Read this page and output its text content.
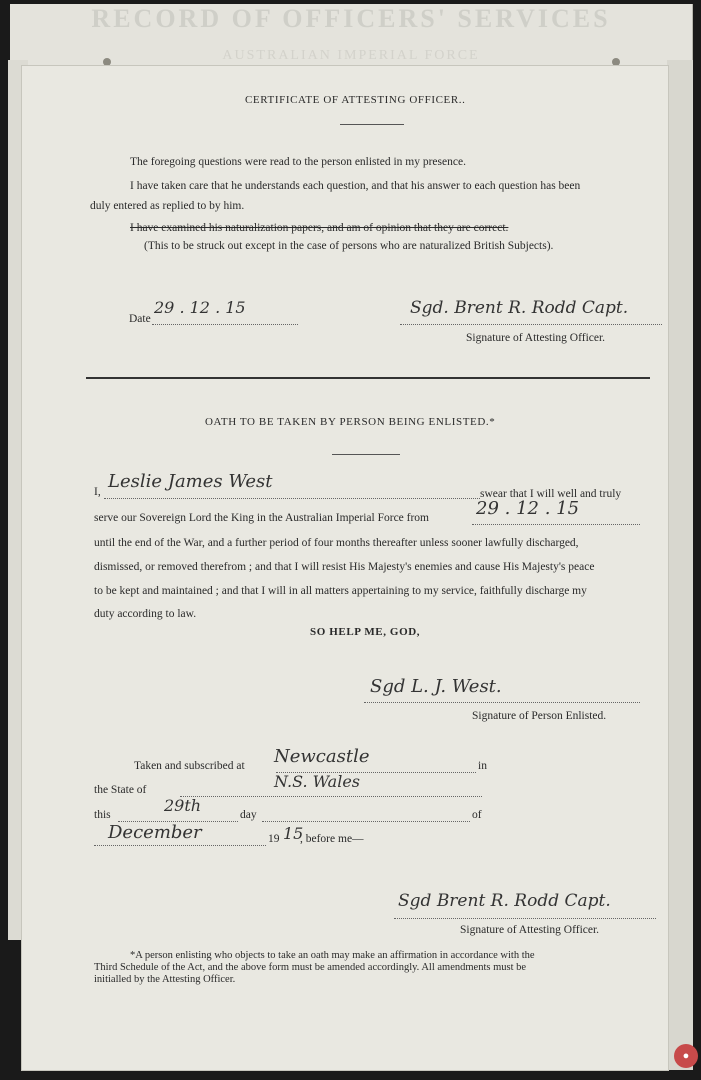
RECORD OF OFFICERS' SERVICES
AUSTRALIAN IMPERIAL FORCE
CERTIFICATE OF ATTESTING OFFICER..
The foregoing questions were read to the person enlisted in my presence.
I have taken care that he understands each question, and that his answer to each question has been
duly entered as replied to by him.
I have examined his naturalization papers, and am of opinion that they are correct.
(This to be struck out except in the case of persons who are naturalized British Subjects).
Date
29 . 12 . 15	Sgd. Brent R. Rodd Capt.
Signature of Attesting Officer.
OATH TO BE TAKEN BY PERSON BEING ENLISTED.*
I, Leslie James West
swear that I will well and truly
serve our Sovereign Lord the King in the Australian Imperial Force from	29 . 12 . 15
until the end of the War, and a further period of four months thereafter unless sooner lawfully discharged,
dismissed, or removed therefrom ; and that I will resist His Majesty's enemies and cause His Majesty's peace
to be kept and maintained ; and that I will in all matters appertaining to my service, faithfully discharge my
duty according to law.
SO HELP ME, GOD,
Sgd L. J. West.
Signature of Person Enlisted.
Taken and subscribed at Newcastle	in
the State of	N.S. Wales
this	29th	day	of
December	19 15
, before me—
Sgd Brent R. Rodd Capt.
Signature of Attesting Officer.
*A person enlisting who objects to take an oath may make an affirmation in accordance with the
Third Schedule of the Act, and the above form must be amended accordingly. All amendments must be
initialled by the Attesting Officer.
●
